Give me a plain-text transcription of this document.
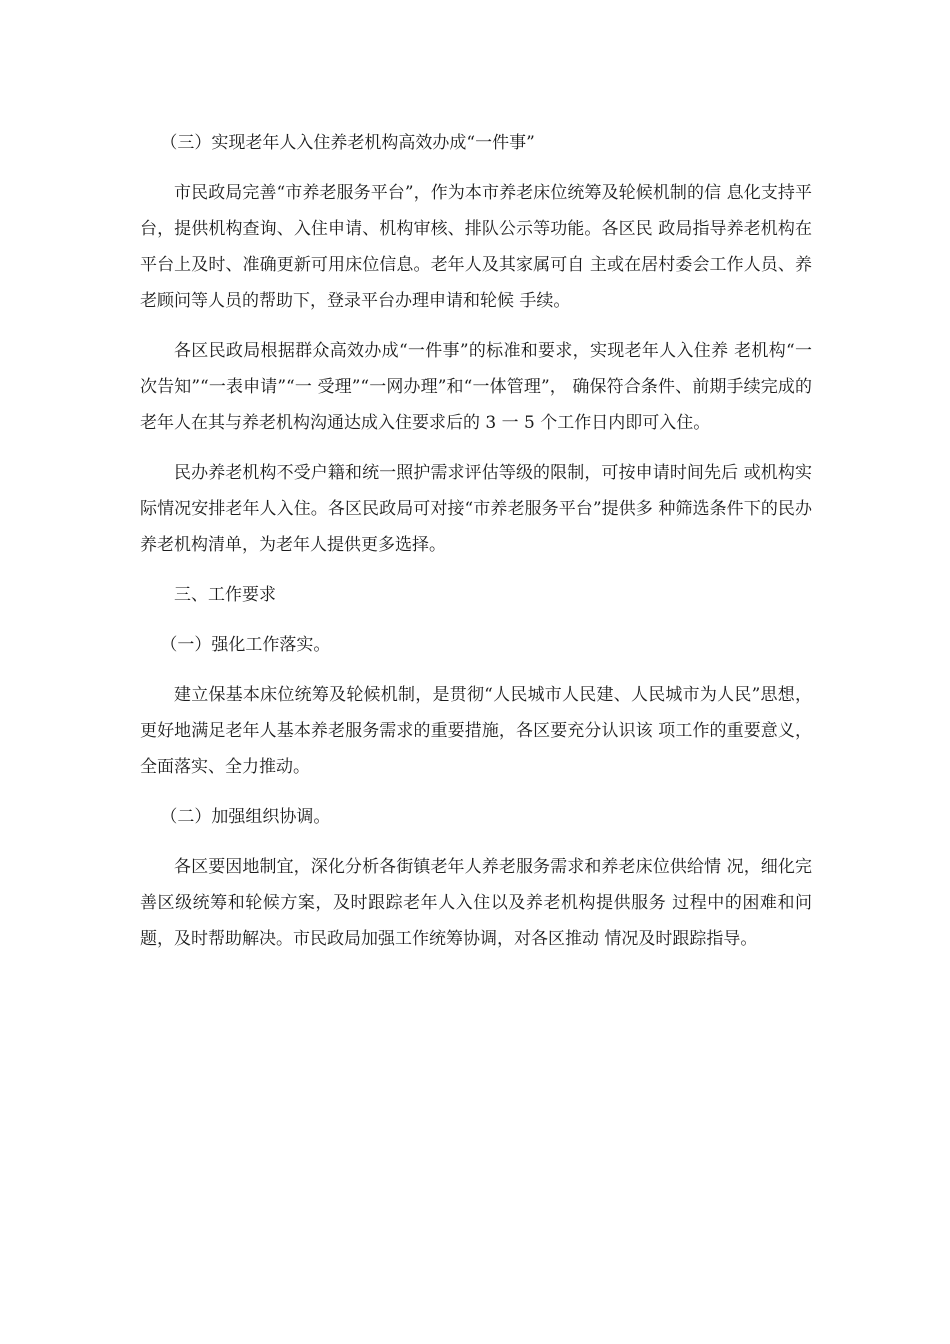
（三）实现老年人入住养老机构高效办成“一件事”

市民政局完善“市养老服务平台”，作为本市养老床位统筹及轮候机制的信 息化支持平台，提供机构查询、入住申请、机构审核、排队公示等功能。各区民 政局指导养老机构在平台上及时、准确更新可用床位信息。老年人及其家属可自 主或在居村委会工作人员、养老顾问等人员的帮助下，登录平台办理申请和轮候 手续。

各区民政局根据群众高效办成“一件事”的标准和要求，实现老年人入住养 老机构“一次告知”“一表申请”“一 受理”“一网办理”和“一体管理”， 确保符合条件、前期手续完成的老年人在其与养老机构沟通达成入住要求后的 3 一 5 个工作日内即可入住。

民办养老机构不受户籍和统一照护需求评估等级的限制，可按申请时间先后 或机构实际情况安排老年人入住。各区民政局可对接“市养老服务平台”提供多 种筛选条件下的民办养老机构清单，为老年人提供更多选择。

三、工作要求

（一）强化工作落实。

建立保基本床位统筹及轮候机制，是贯彻“人民城市人民建、人民城市为人民”思想，更好地满足老年人基本养老服务需求的重要措施，各区要充分认识该 项工作的重要意义，全面落实、全力推动。

（二）加强组织协调。

各区要因地制宜，深化分析各街镇老年人养老服务需求和养老床位供给情 况，细化完善区级统筹和轮候方案，及时跟踪老年人入住以及养老机构提供服务 过程中的困难和问题，及时帮助解决。市民政局加强工作统筹协调，对各区推动 情况及时跟踪指导。
